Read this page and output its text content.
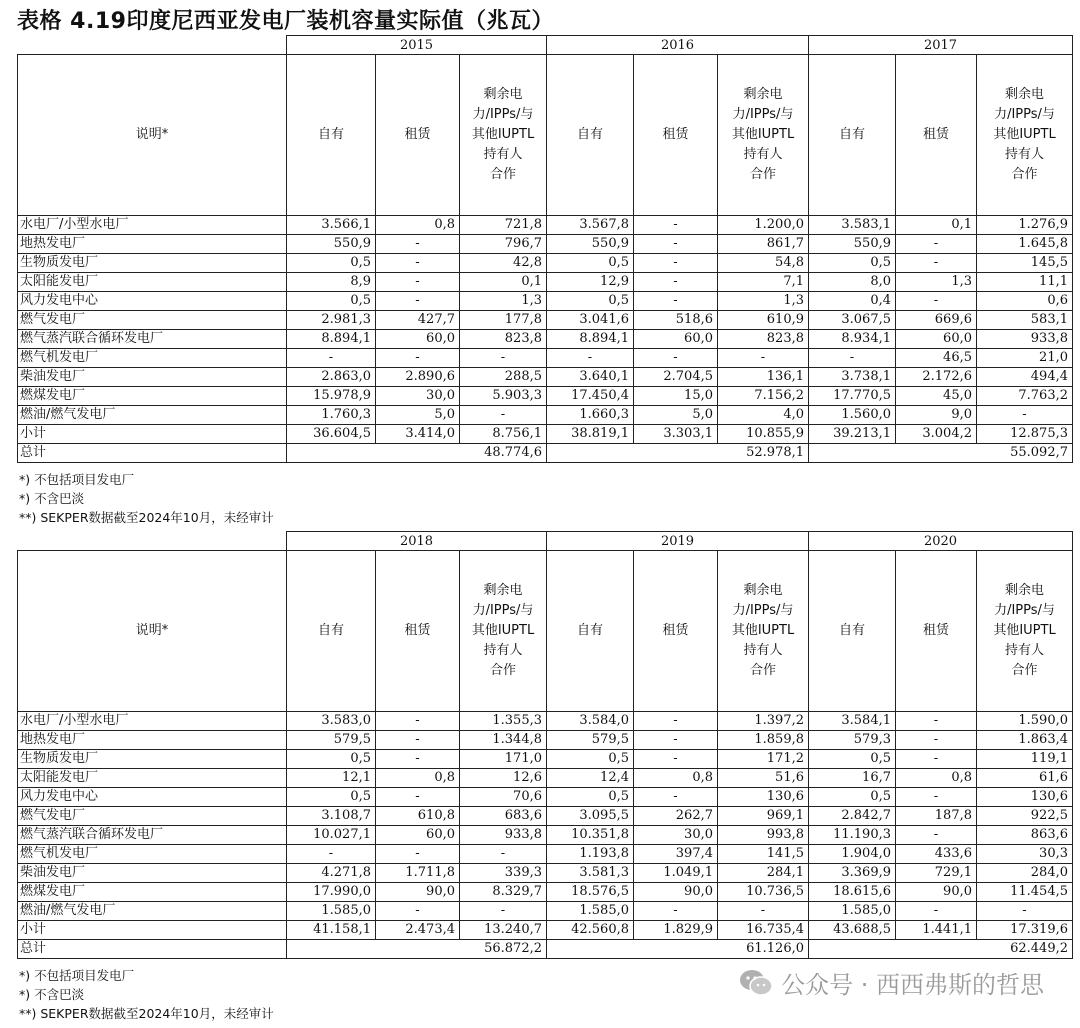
表格 4.19印度尼西亚发电厂装机容量实际值（兆瓦）
	2015			2016			2017		
说明*	自有	租赁	剩余电
力/IPPs/与
其他IUPTL
持有人
合作	自有	租赁	剩余电
力/IPPs/与
其他IUPTL
持有人
合作	自有	租赁	剩余电
力/IPPs/与
其他IUPTL
持有人
合作
水电厂/小型水电厂	3.566,1	0,8	721,8	3.567,8	-	1.200,0	3.583,1	0,1	1.276,9
地热发电厂	550,9	-	796,7	550,9	-	861,7	550,9	-	1.645,8
生物质发电厂	0,5	-	42,8	0,5	-	54,8	0,5	-	145,5
太阳能发电厂	8,9	-	0,1	12,9	-	7,1	8,0	1,3	11,1
风力发电中心	0,5	-	1,3	0,5	-	1,3	0,4	-	0,6
燃气发电厂	2.981,3	427,7	177,8	3.041,6	518,6	610,9	3.067,5	669,6	583,1
燃气蒸汽联合循环发电厂	8.894,1	60,0	823,8	8.894,1	60,0	823,8	8.934,1	60,0	933,8
燃气机发电厂	-	-	-	-	-	-	-	46,5	21,0
柴油发电厂	2.863,0	2.890,6	288,5	3.640,1	2.704,5	136,1	3.738,1	2.172,6	494,4
燃煤发电厂	15.978,9	30,0	5.903,3	17.450,4	15,0	7.156,2	17.770,5	45,0	7.763,2
燃油/燃气发电厂	1.760,3	5,0	-	1.660,3	5,0	4,0	1.560,0	9,0	-
小计	36.604,5	3.414,0	8.756,1	38.819,1	3.303,1	10.855,9	39.213,1	3.004,2	12.875,3
总计	48.774,6			52.978,1			55.092,7		
*) 不包括项目发电厂
*) 不含巴淡
**) SEKPER数据截至2024年10月，未经审计
	2018			2019			2020		
说明*	自有	租赁	剩余电
力/IPPs/与
其他IUPTL
持有人
合作	自有	租赁	剩余电
力/IPPs/与
其他IUPTL
持有人
合作	自有	租赁	剩余电
力/IPPs/与
其他IUPTL
持有人
合作
水电厂/小型水电厂	3.583,0	-	1.355,3	3.584,0	-	1.397,2	3.584,1	-	1.590,0
地热发电厂	579,5	-	1.344,8	579,5	-	1.859,8	579,3	-	1.863,4
生物质发电厂	0,5	-	171,0	0,5	-	171,2	0,5	-	119,1
太阳能发电厂	12,1	0,8	12,6	12,4	0,8	51,6	16,7	0,8	61,6
风力发电中心	0,5	-	70,6	0,5	-	130,6	0,5	-	130,6
燃气发电厂	3.108,7	610,8	683,6	3.095,5	262,7	969,1	2.842,7	187,8	922,5
燃气蒸汽联合循环发电厂	10.027,1	60,0	933,8	10.351,8	30,0	993,8	11.190,3	-	863,6
燃气机发电厂	-	-	-	1.193,8	397,4	141,5	1.904,0	433,6	30,3
柴油发电厂	4.271,8	1.711,8	339,3	3.581,3	1.049,1	284,1	3.369,9	729,1	284,0
燃煤发电厂	17.990,0	90,0	8.329,7	18.576,5	90,0	10.736,5	18.615,6	90,0	11.454,5
燃油/燃气发电厂	1.585,0	-	-	1.585,0	-	-	1.585,0	-	-
小计	41.158,1	2.473,4	13.240,7	42.560,8	1.829,9	16.735,4	43.688,5	1.441,1	17.319,6
总计	56.872,2			61.126,0			62.449,2		
*) 不包括项目发电厂
*) 不含巴淡
**) SEKPER数据截至2024年10月，未经审计
公众号 · 西西弗斯的哲思
